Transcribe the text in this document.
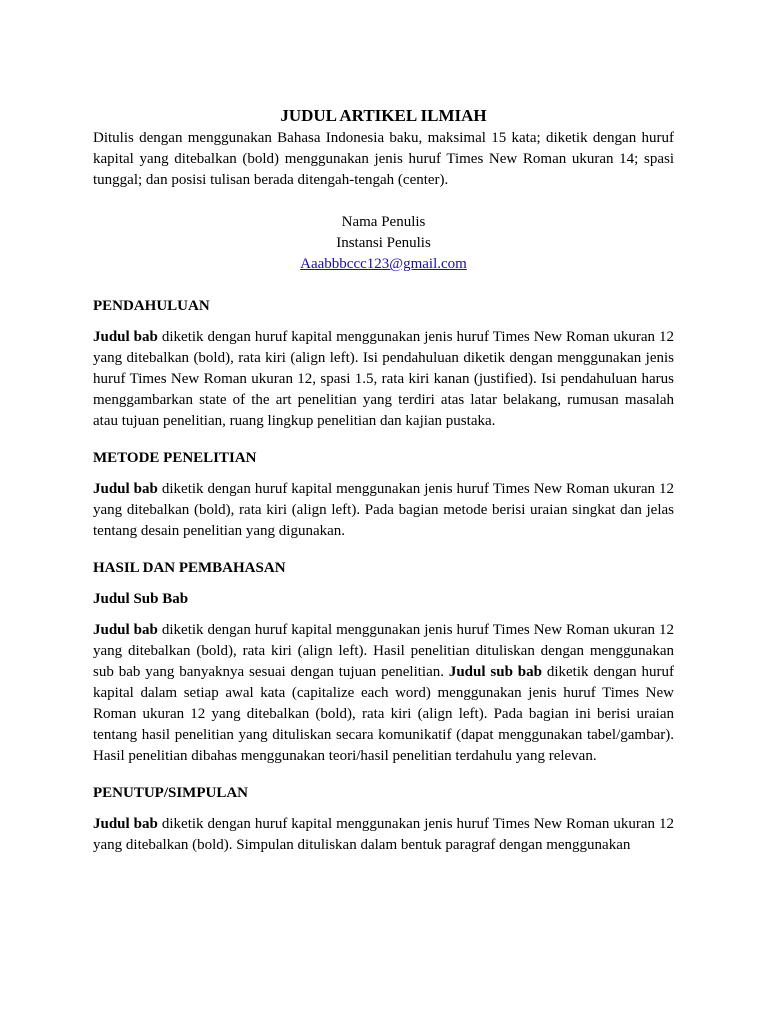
JUDUL ARTIKEL ILMIAH

Ditulis dengan menggunakan Bahasa Indonesia baku, maksimal 15 kata; diketik dengan huruf kapital yang ditebalkan (bold) menggunakan jenis huruf Times New Roman ukuran 14; spasi tunggal; dan posisi tulisan berada ditengah-tengah (center).

Nama Penulis
Instansi Penulis
Aaabbbccc123@gmail.com
PENDAHULUAN

Judul bab diketik dengan huruf kapital menggunakan jenis huruf Times New Roman ukuran 12 yang ditebalkan (bold), rata kiri (align left). Isi pendahuluan diketik dengan menggunakan jenis huruf Times New Roman ukuran 12, spasi 1.5, rata kiri kanan (justified). Isi pendahuluan harus menggambarkan state of the art penelitian yang terdiri atas latar belakang, rumusan masalah atau tujuan penelitian, ruang lingkup penelitian dan kajian pustaka.

METODE PENELITIAN

Judul bab diketik dengan huruf kapital menggunakan jenis huruf Times New Roman ukuran 12 yang ditebalkan (bold), rata kiri (align left). Pada bagian metode berisi uraian singkat dan jelas tentang desain penelitian yang digunakan.

HASIL DAN PEMBAHASAN
Judul Sub Bab

Judul bab diketik dengan huruf kapital menggunakan jenis huruf Times New Roman ukuran 12 yang ditebalkan (bold), rata kiri (align left). Hasil penelitian dituliskan dengan menggunakan sub bab yang banyaknya sesuai dengan tujuan penelitian. Judul sub bab diketik dengan huruf kapital dalam setiap awal kata (capitalize each word) menggunakan jenis huruf Times New Roman ukuran 12 yang ditebalkan (bold), rata kiri (align left). Pada bagian ini berisi uraian tentang hasil penelitian yang dituliskan secara komunikatif (dapat menggunakan tabel/gambar). Hasil penelitian dibahas menggunakan teori/hasil penelitian terdahulu yang relevan.

PENUTUP/SIMPULAN

Judul bab diketik dengan huruf kapital menggunakan jenis huruf Times New Roman ukuran 12 yang ditebalkan (bold). Simpulan dituliskan dalam bentuk paragraf dengan menggunakan
